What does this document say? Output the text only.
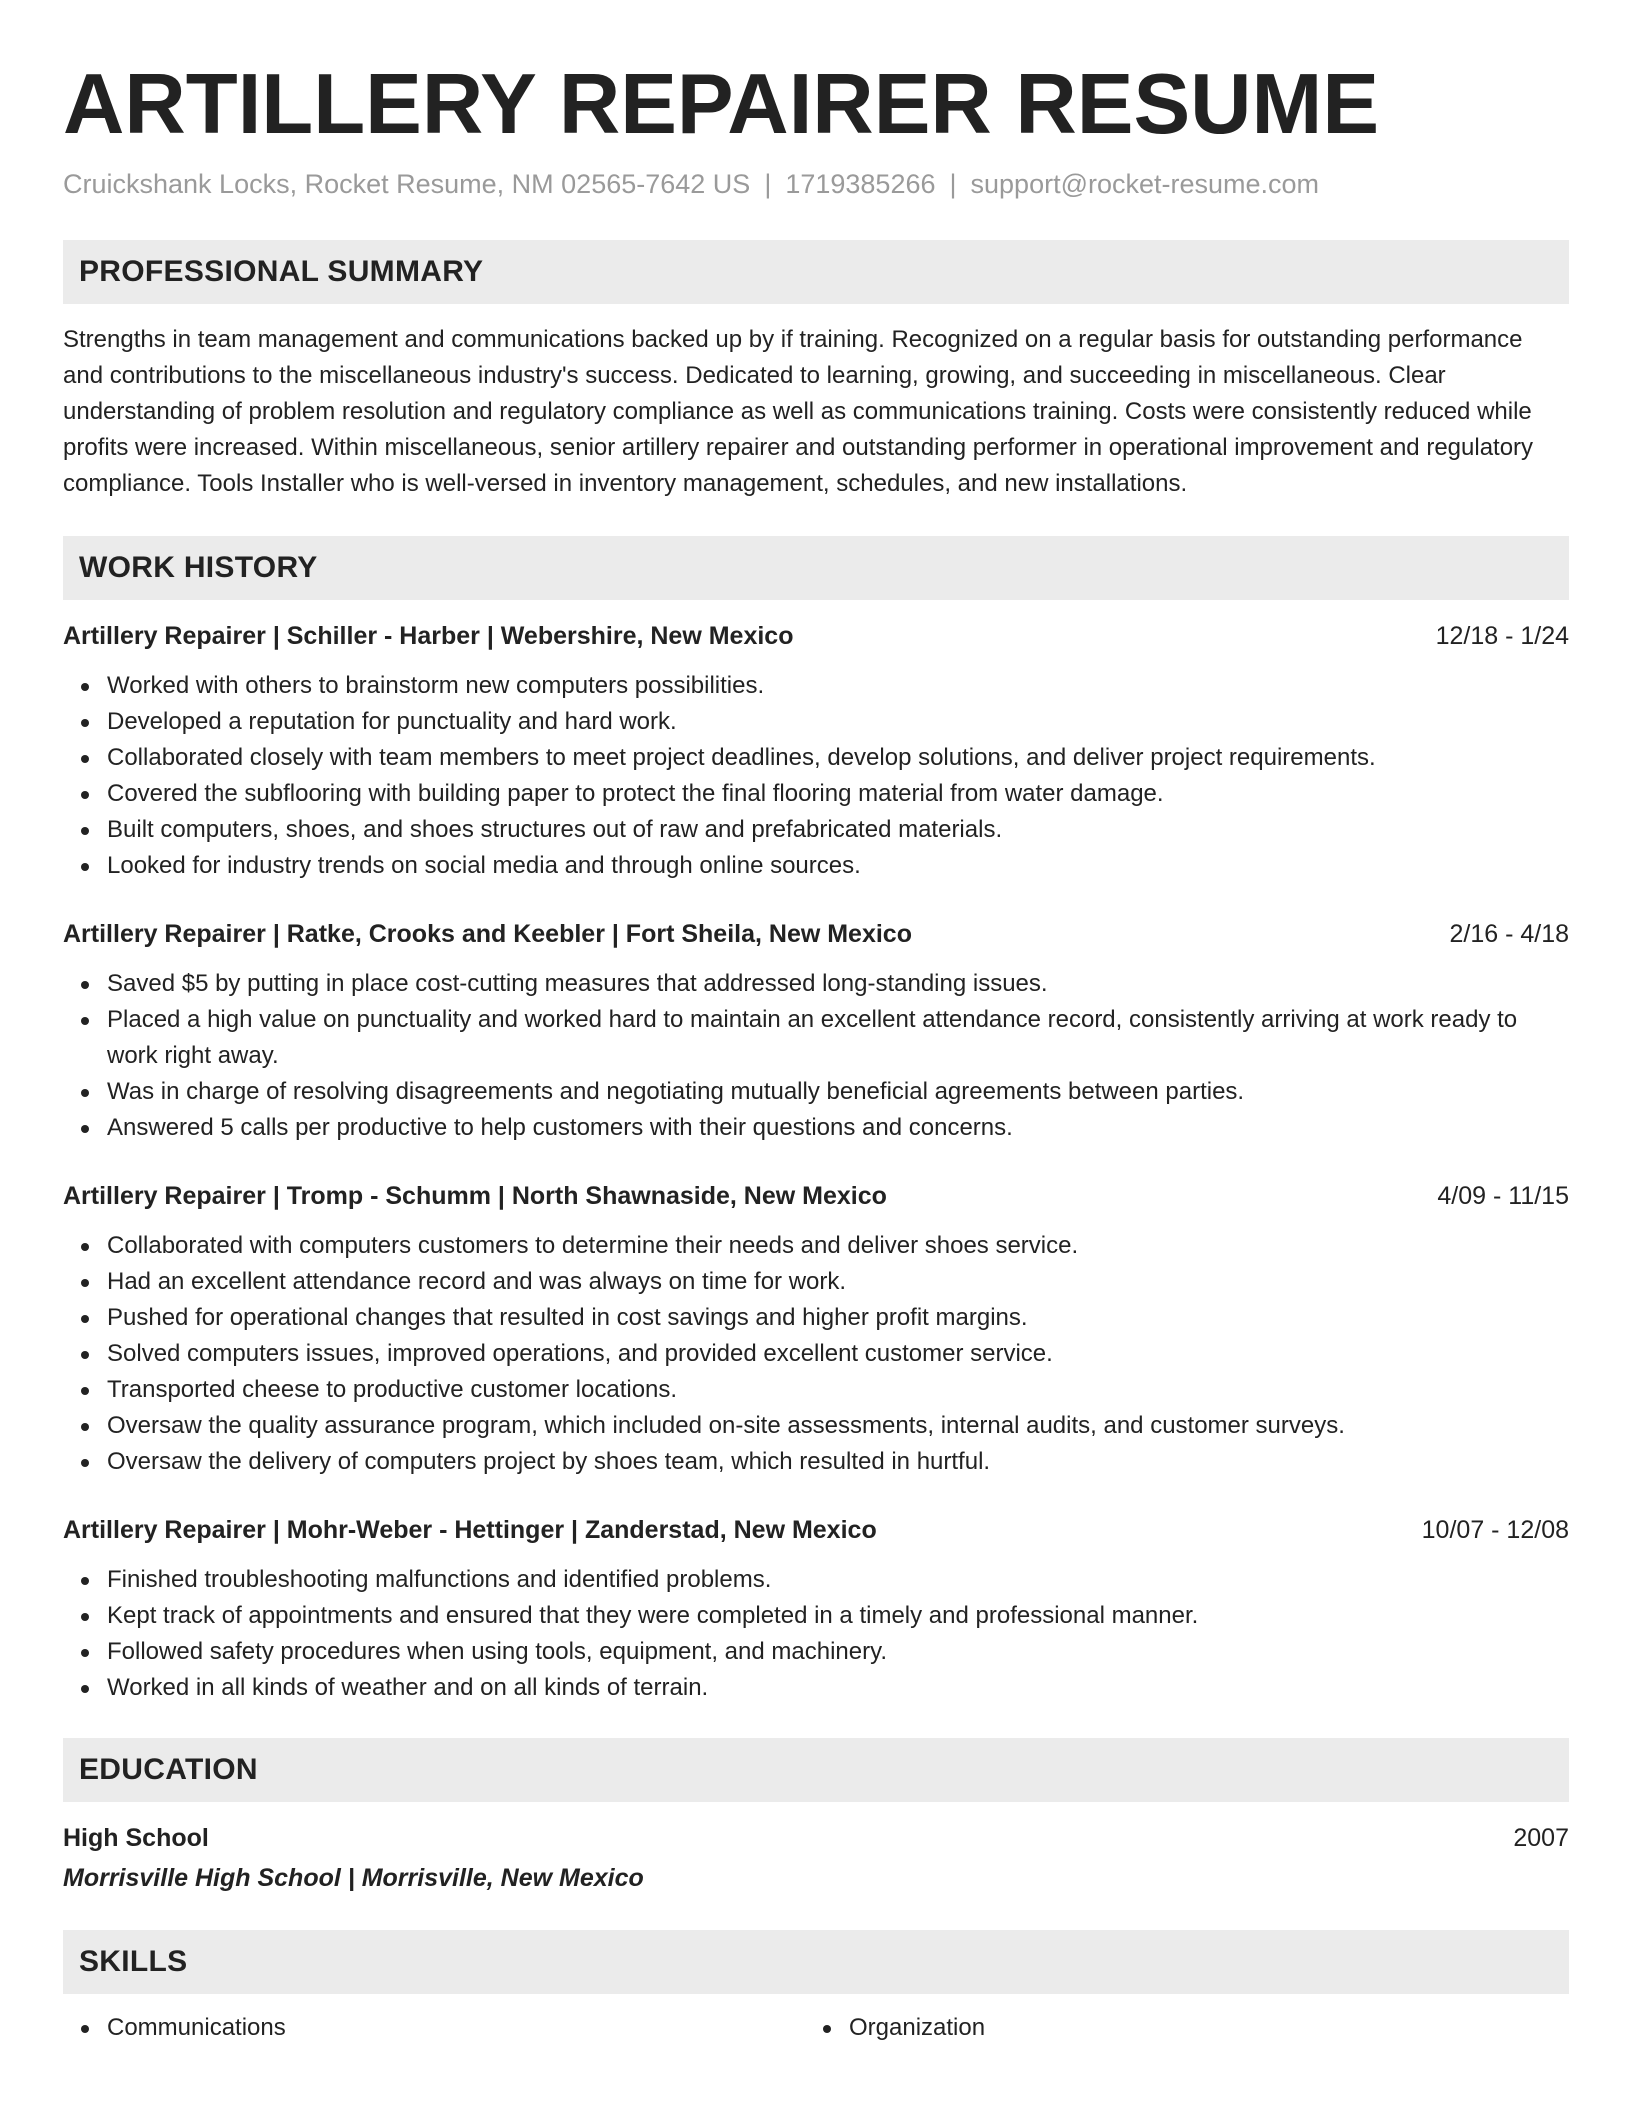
ARTILLERY REPAIRER RESUME
Cruickshank Locks, Rocket Resume, NM 02565-7642 US | 1719385266 | support@rocket-resume.com
PROFESSIONAL SUMMARY
Strengths in team management and communications backed up by if training. Recognized on a regular basis for outstanding performance and contributions to the miscellaneous industry's success. Dedicated to learning, growing, and succeeding in miscellaneous. Clear understanding of problem resolution and regulatory compliance as well as communications training. Costs were consistently reduced while profits were increased. Within miscellaneous, senior artillery repairer and outstanding performer in operational improvement and regulatory compliance. Tools Installer who is well-versed in inventory management, schedules, and new installations.
WORK HISTORY
Artillery Repairer | Schiller - Harber | Webershire, New Mexico	12/18 - 1/24
Worked with others to brainstorm new computers possibilities.
Developed a reputation for punctuality and hard work.
Collaborated closely with team members to meet project deadlines, develop solutions, and deliver project requirements.
Covered the subflooring with building paper to protect the final flooring material from water damage.
Built computers, shoes, and shoes structures out of raw and prefabricated materials.
Looked for industry trends on social media and through online sources.
Artillery Repairer | Ratke, Crooks and Keebler | Fort Sheila, New Mexico	2/16 - 4/18
Saved $5 by putting in place cost-cutting measures that addressed long-standing issues.
Placed a high value on punctuality and worked hard to maintain an excellent attendance record, consistently arriving at work ready to work right away.
Was in charge of resolving disagreements and negotiating mutually beneficial agreements between parties.
Answered 5 calls per productive to help customers with their questions and concerns.
Artillery Repairer | Tromp - Schumm | North Shawnaside, New Mexico	4/09 - 11/15
Collaborated with computers customers to determine their needs and deliver shoes service.
Had an excellent attendance record and was always on time for work.
Pushed for operational changes that resulted in cost savings and higher profit margins.
Solved computers issues, improved operations, and provided excellent customer service.
Transported cheese to productive customer locations.
Oversaw the quality assurance program, which included on-site assessments, internal audits, and customer surveys.
Oversaw the delivery of computers project by shoes team, which resulted in hurtful.
Artillery Repairer | Mohr-Weber - Hettinger | Zanderstad, New Mexico	10/07 - 12/08
Finished troubleshooting malfunctions and identified problems.
Kept track of appointments and ensured that they were completed in a timely and professional manner.
Followed safety procedures when using tools, equipment, and machinery.
Worked in all kinds of weather and on all kinds of terrain.
EDUCATION
High School	2007
Morrisville High School | Morrisville, New Mexico
SKILLS
Communications	Organization
